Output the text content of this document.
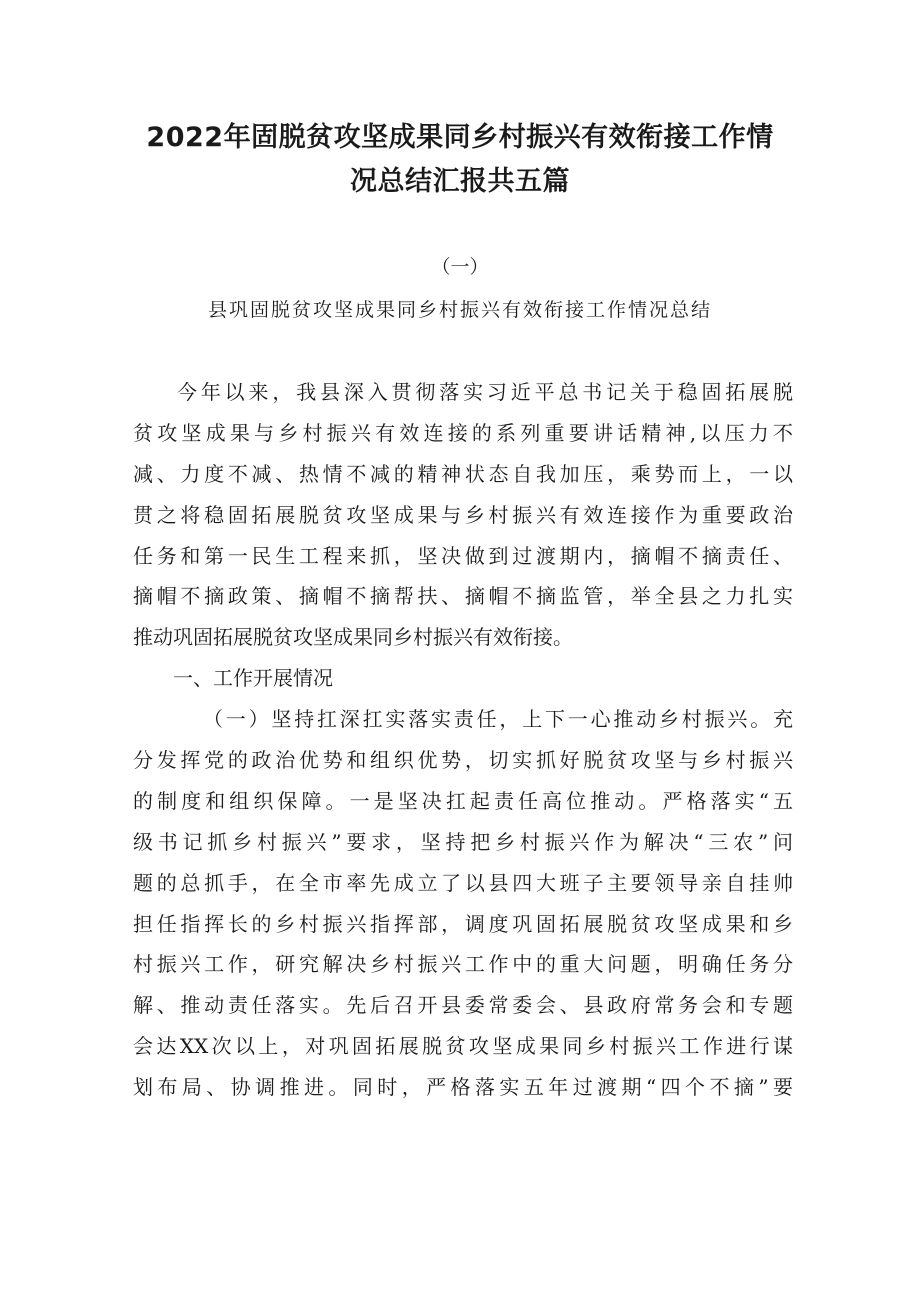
2022年固脱贫攻坚成果同乡村振兴有效衔接工作情
况总结汇报共五篇
（一）
县巩固脱贫攻坚成果同乡村振兴有效衔接工作情况总结
今年以来，我县深入贯彻落实习近平总书记关于稳固拓展脱
贫攻坚成果与乡村振兴有效连接的系列重要讲话精神,以压力不
减、力度不减、热情不减的精神状态自我加压，乘势而上，一以
贯之将稳固拓展脱贫攻坚成果与乡村振兴有效连接作为重要政治
任务和第一民生工程来抓，坚决做到过渡期内，摘帽不摘责任、
摘帽不摘政策、摘帽不摘帮扶、摘帽不摘监管，举全县之力扎实
推动巩固拓展脱贫攻坚成果同乡村振兴有效衔接。
一、工作开展情况
（一）坚持扛深扛实落实责任，上下一心推动乡村振兴。充
分发挥党的政治优势和组织优势，切实抓好脱贫攻坚与乡村振兴
的制度和组织保障。一是坚决扛起责任高位推动。严格落实“五
级书记抓乡村振兴”要求，坚持把乡村振兴作为解决“三农”问
题的总抓手，在全市率先成立了以县四大班子主要领导亲自挂帅
担任指挥长的乡村振兴指挥部，调度巩固拓展脱贫攻坚成果和乡
村振兴工作，研究解决乡村振兴工作中的重大问题，明确任务分
解、推动责任落实。先后召开县委常委会、县政府常务会和专题
会达XX次以上，对巩固拓展脱贫攻坚成果同乡村振兴工作进行谋
划布局、协调推进。同时，严格落实五年过渡期“四个不摘”要
